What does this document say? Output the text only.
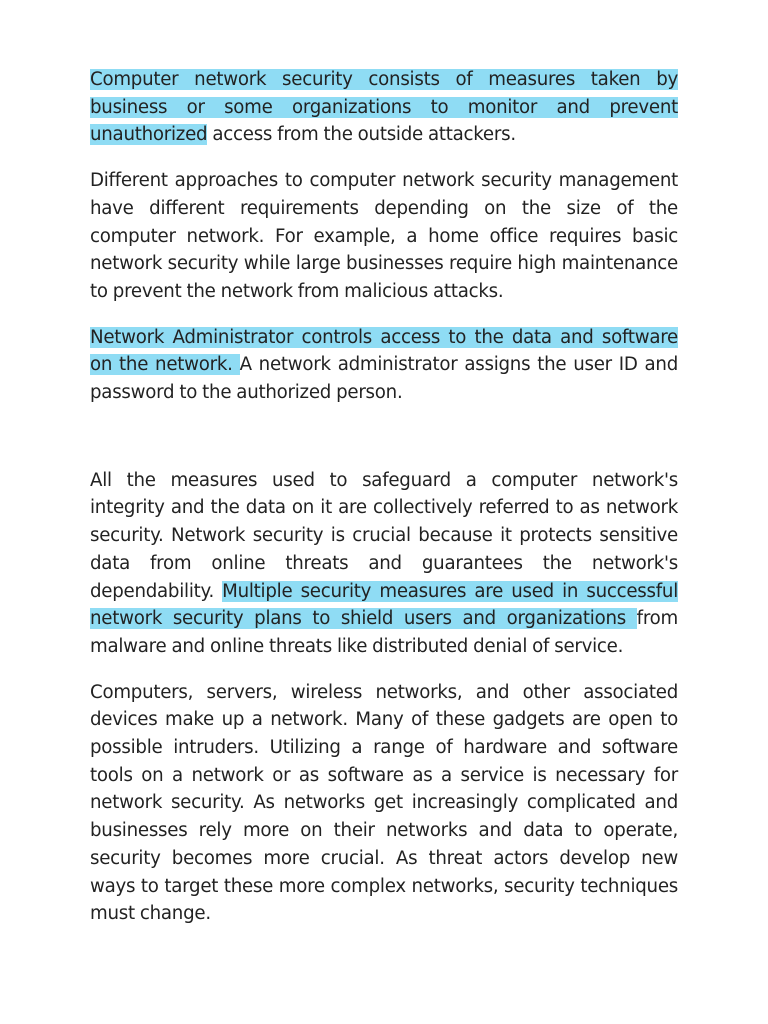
Computer network security consists of measures taken by business or some organizations to monitor and prevent unauthorized access from the outside attackers.

Different approaches to computer network security management have different requirements depending on the size of the computer network. For example, a home office requires basic network security while large businesses require high maintenance to prevent the network from malicious attacks.

Network Administrator controls access to the data and software on the network. A network administrator assigns the user ID and password to the authorized person.

All the measures used to safeguard a computer network's integrity and the data on it are collectively referred to as network security. Network security is crucial because it protects sensitive data from online threats and guarantees the network's dependability. Multiple security measures are used in successful network security plans to shield users and organizations from malware and online threats like distributed denial of service.

Computers, servers, wireless networks, and other associated devices make up a network. Many of these gadgets are open to possible intruders. Utilizing a range of hardware and software tools on a network or as software as a service is necessary for network security. As networks get increasingly complicated and businesses rely more on their networks and data to operate, security becomes more crucial. As threat actors develop new ways to target these more complex networks, security techniques must change.
